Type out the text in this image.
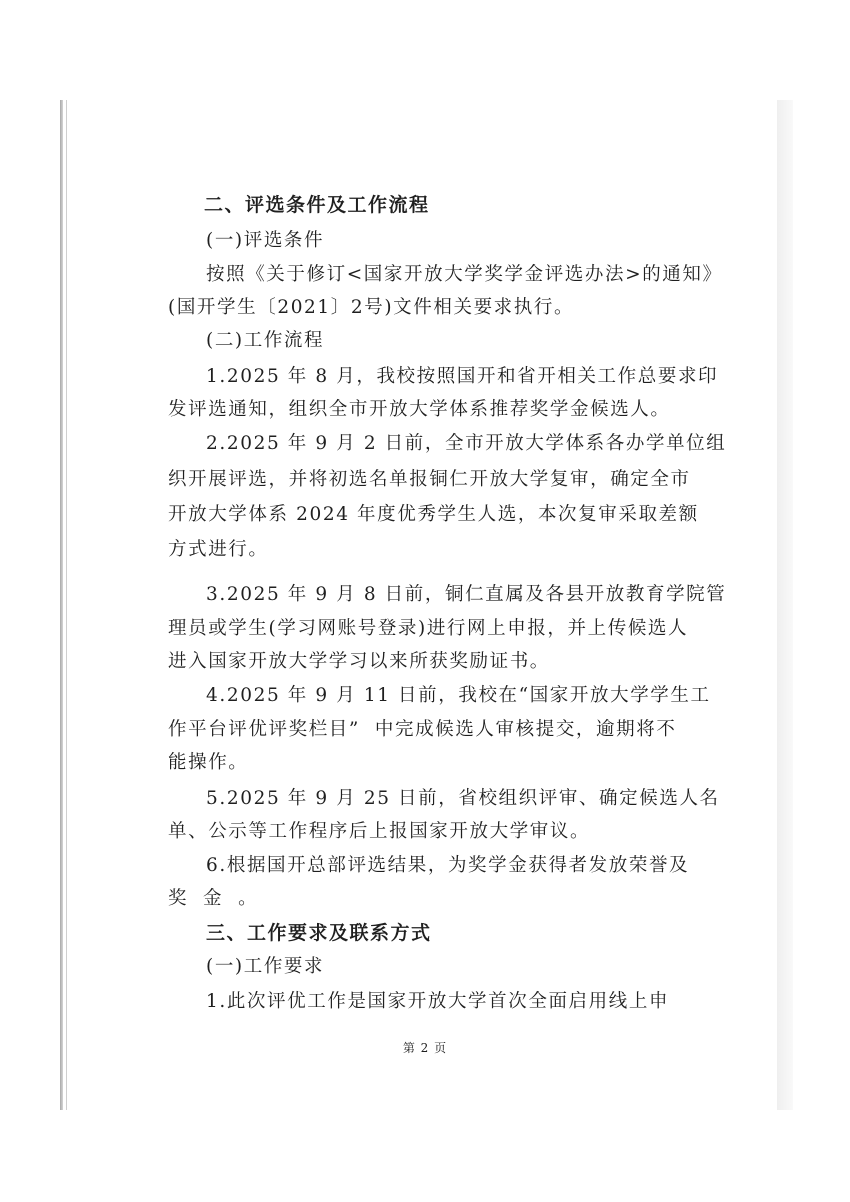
二、评选条件及工作流程
(一)评选条件
按照《关于修订<国家开放大学奖学金评选办法>的通知》
(国开学生〔2021〕2号)文件相关要求执行。
(二)工作流程
1.2025 年 8 月，我校按照国开和省开相关工作总要求印
发评选通知，组织全市开放大学体系推荐奖学金候选人。
2.2025 年 9 月 2 日前，全市开放大学体系各办学单位组
织开展评选，并将初选名单报铜仁开放大学复审，确定全市
开放大学体系 2024 年度优秀学生人选，本次复审采取差额
方式进行。
3.2025 年 9 月 8 日前，铜仁直属及各县开放教育学院管
理员或学生(学习网账号登录)进行网上申报，并上传候选人
进入国家开放大学学习以来所获奖励证书。
4.2025 年 9 月 11 日前，我校在“国家开放大学学生工
作平台评优评奖栏目”  中完成候选人审核提交，逾期将不
能操作。
5.2025 年 9 月 25 日前，省校组织评审、确定候选人名
单、公示等工作程序后上报国家开放大学审议。
6.根据国开总部评选结果，为奖学金获得者发放荣誉及
奖  金  。
三、工作要求及联系方式
(一)工作要求
1.此次评优工作是国家开放大学首次全面启用线上申
第 2 页
